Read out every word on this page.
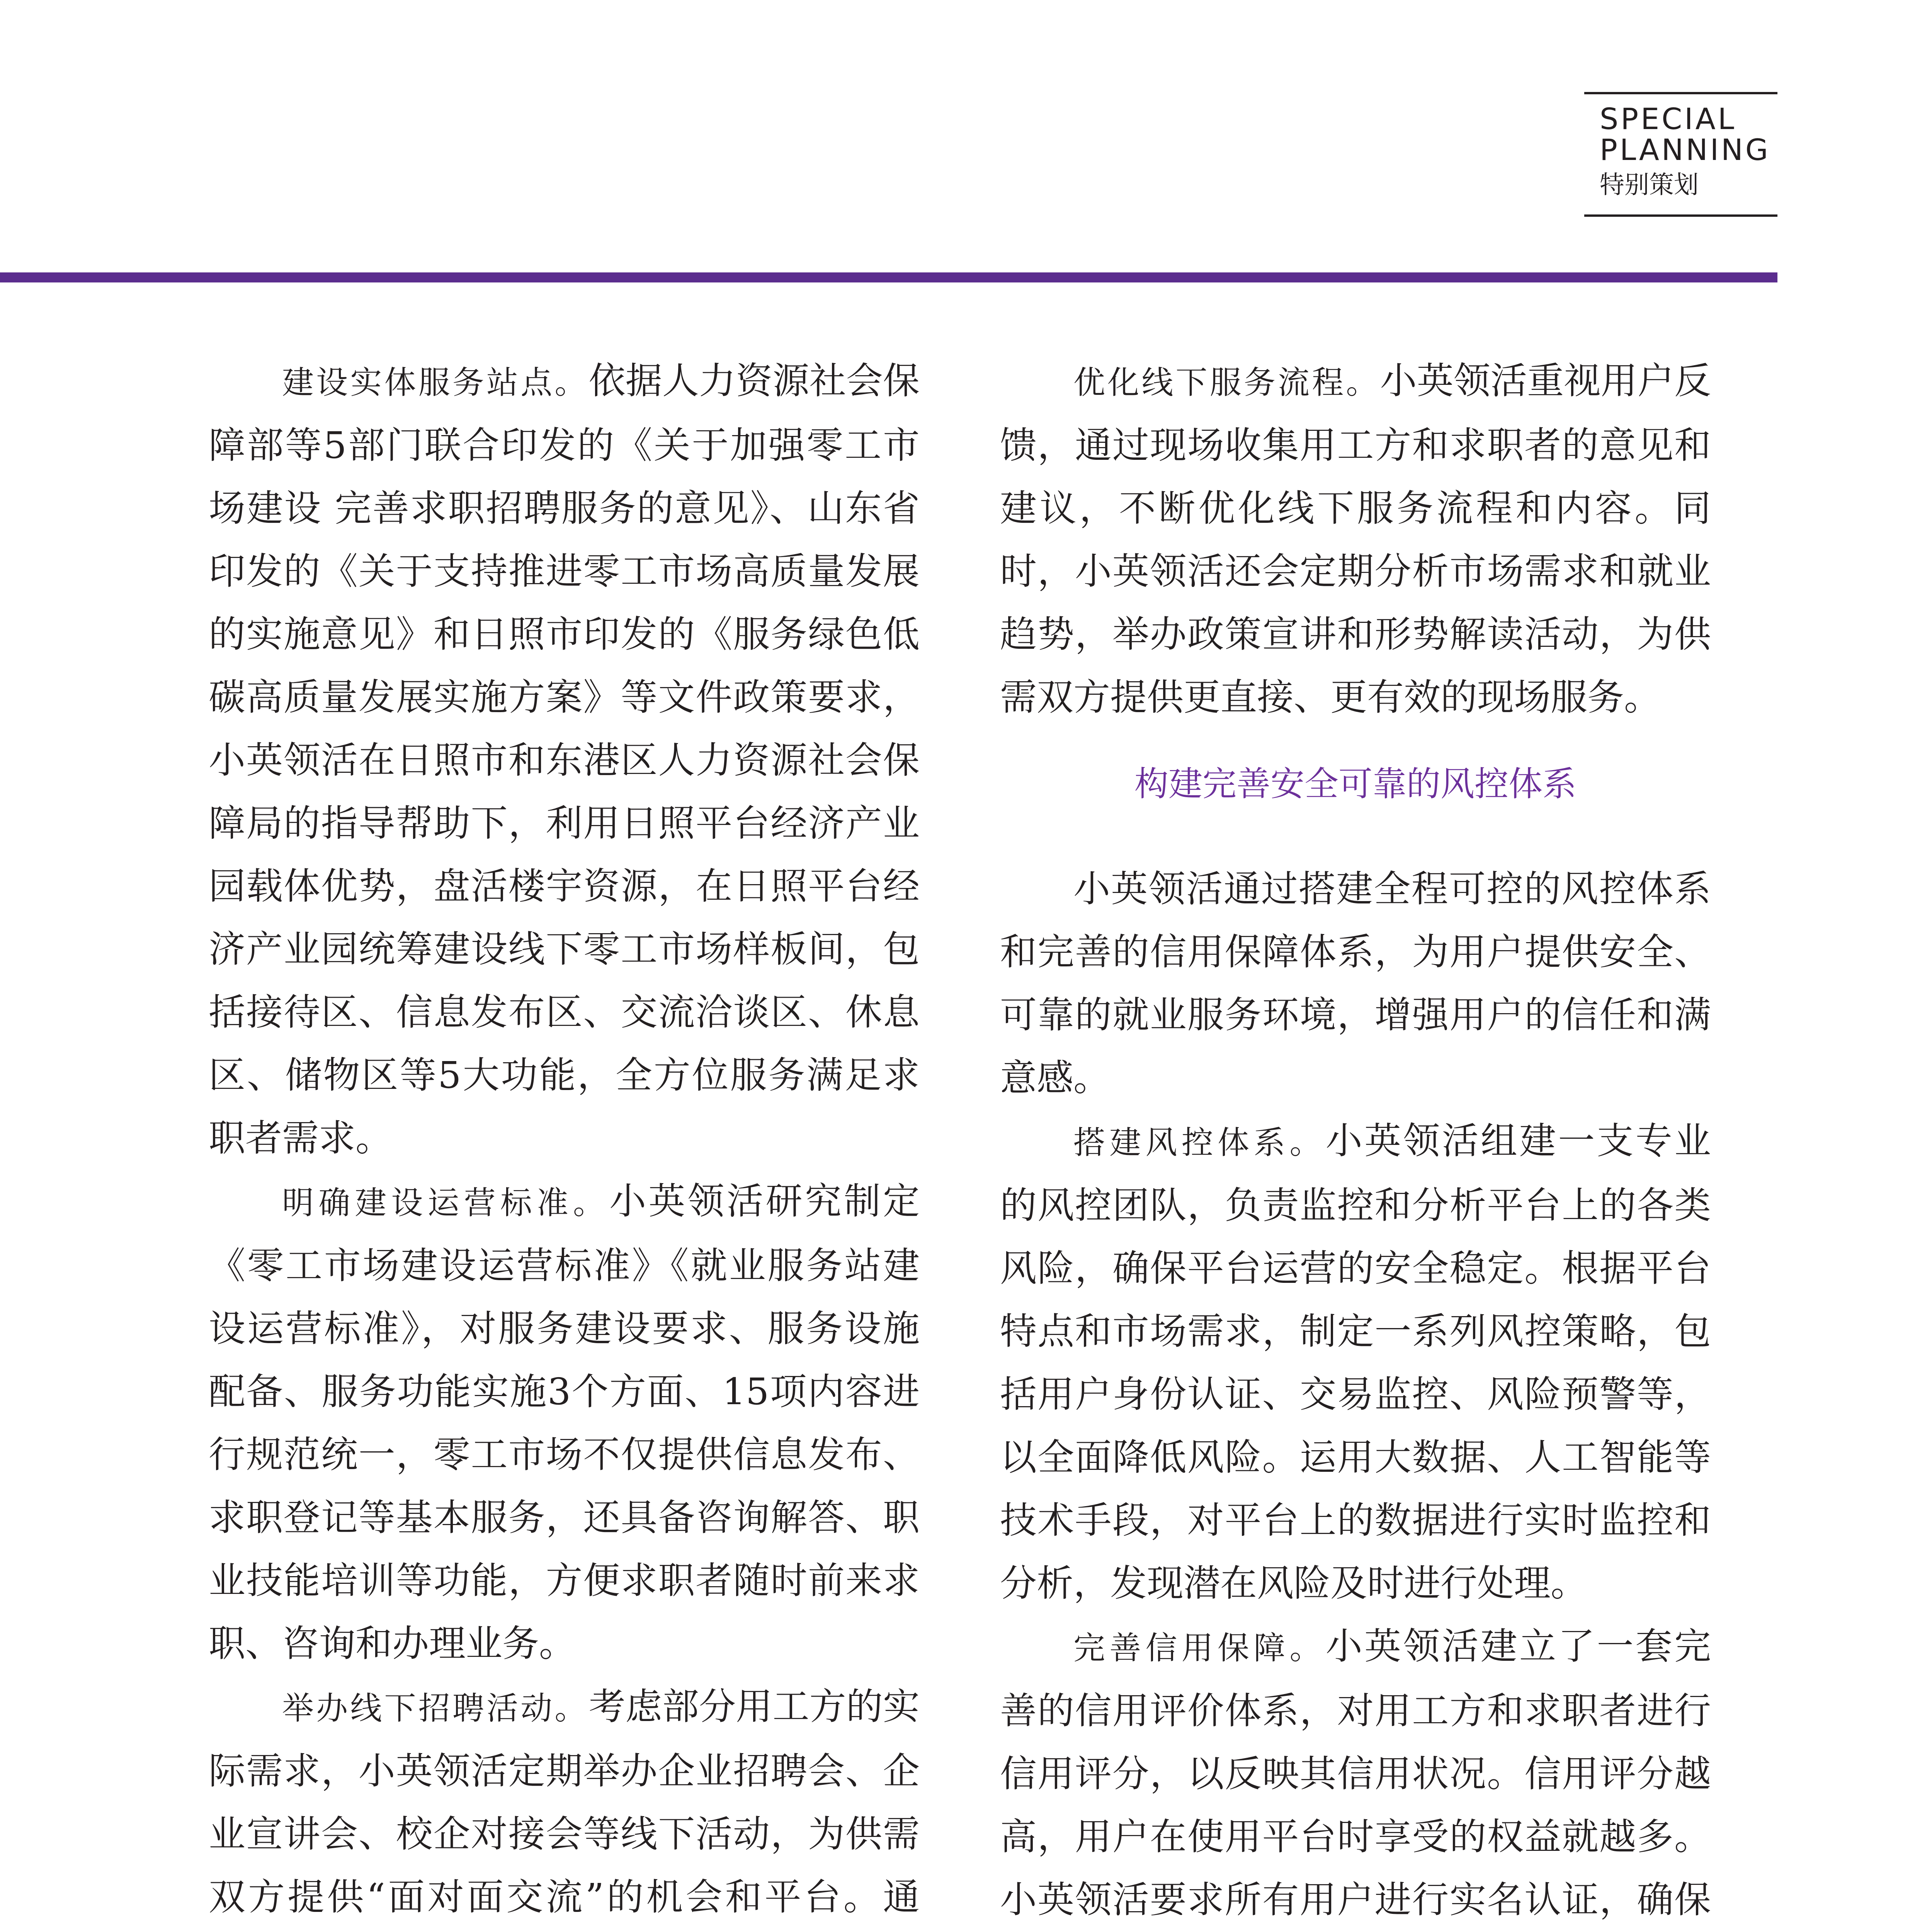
SPECIAL
PLANNING
特别策划

建设实体服务站点。依据人力资源社会保障部等5部门联合印发的《关于加强零工市场建设 完善求职招聘服务的意见》、山东省印发的《关于支持推进零工市场高质量发展的实施意见》和日照市印发的《服务绿色低碳高质量发展实施方案》等文件政策要求，小英领活在日照市和东港区人力资源社会保障局的指导帮助下，利用日照平台经济产业园载体优势，盘活楼宇资源，在日照平台经济产业园统筹建设线下零工市场样板间，包括接待区、信息发布区、交流洽谈区、休息区、储物区等5大功能，全方位服务满足求职者需求。

明确建设运营标准。小英领活研究制定《零工市场建设运营标准》《就业服务站建设运营标准》，对服务建设要求、服务设施配备、服务功能实施3个方面、15项内容进行规范统一，零工市场不仅提供信息发布、求职登记等基本服务，还具备咨询解答、职业技能培训等功能，方便求职者随时前来求职、咨询和办理业务。

举办线下招聘活动。考虑部分用工方的实际需求，小英领活定期举办企业招聘会、企业宣讲会、校企对接会等线下活动，为供需双方提供“面对面交流”的机会和平台。通

优化线下服务流程。小英领活重视用户反馈，通过现场收集用工方和求职者的意见和建议，不断优化线下服务流程和内容。同时，小英领活还会定期分析市场需求和就业趋势，举办政策宣讲和形势解读活动，为供需双方提供更直接、更有效的现场服务。

构建完善安全可靠的风控体系

小英领活通过搭建全程可控的风控体系和完善的信用保障体系，为用户提供安全、可靠的就业服务环境，增强用户的信任和满意感。

搭建风控体系。小英领活组建一支专业的风控团队，负责监控和分析平台上的各类风险，确保平台运营的安全稳定。根据平台特点和市场需求，制定一系列风控策略，包括用户身份认证、交易监控、风险预警等，以全面降低风险。运用大数据、人工智能等技术手段，对平台上的数据进行实时监控和分析，发现潜在风险及时进行处理。

完善信用保障。小英领活建立了一套完善的信用评价体系，对用工方和求职者进行信用评分，以反映其信用状况。信用评分越高，用户在使用平台时享受的权益就越多。小英领活要求所有用户进行实名认证，确保
